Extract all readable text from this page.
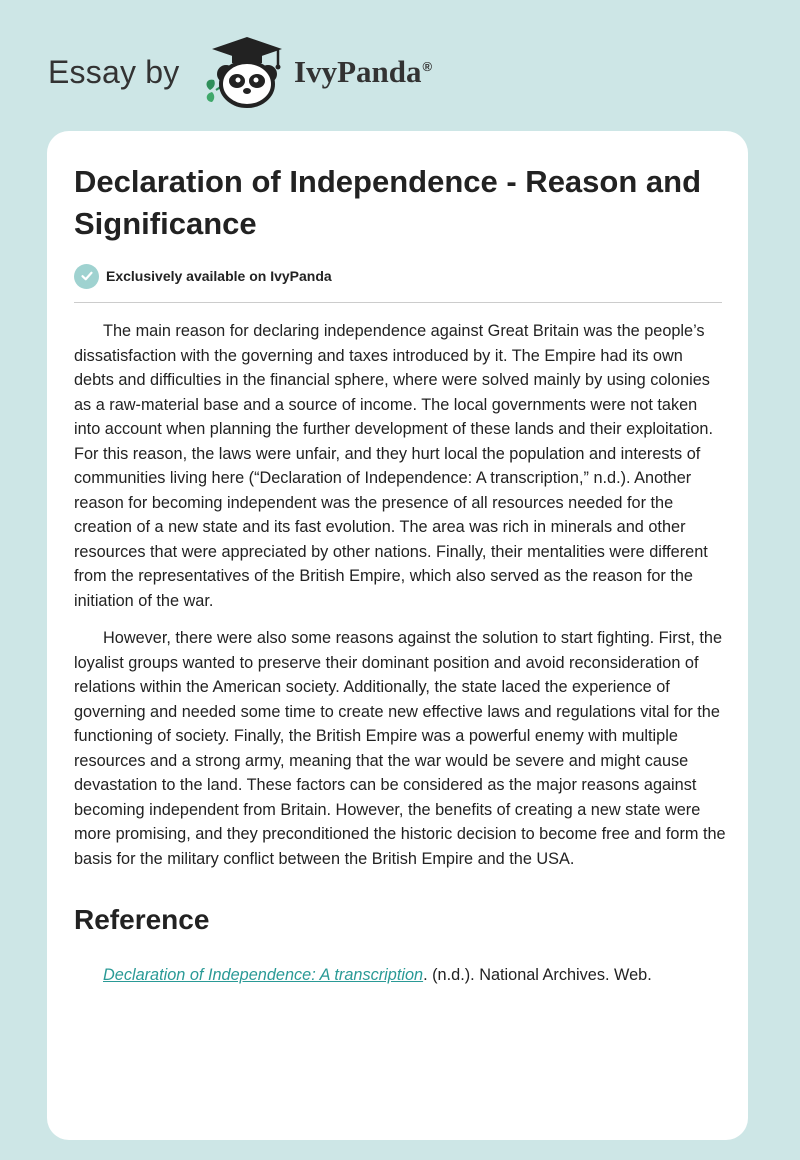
Essay by	IvyPanda®
Declaration of Independence - Reason and Significance
Exclusively available on IvyPanda

The main reason for declaring independence against Great Britain was the people’s dissatisfaction with the governing and taxes introduced by it. The Empire had its own debts and difficulties in the financial sphere, where were solved mainly by using colonies as a raw-material base and a source of income. The local governments were not taken into account when planning the further development of these lands and their exploitation. For this reason, the laws were unfair, and they hurt local the population and interests of communities living here (“Declaration of Independence: A transcription,” n.d.). Another reason for becoming independent was the presence of all resources needed for the creation of a new state and its fast evolution. The area was rich in minerals and other resources that were appreciated by other nations. Finally, their mentalities were different from the representatives of the British Empire, which also served as the reason for the initiation of the war.

However, there were also some reasons against the solution to start fighting. First, the loyalist groups wanted to preserve their dominant position and avoid reconsideration of relations within the American society. Additionally, the state laced the experience of governing and needed some time to create new effective laws and regulations vital for the functioning of society. Finally, the British Empire was a powerful enemy with multiple resources and a strong army, meaning that the war would be severe and might cause devastation to the land. These factors can be considered as the major reasons against becoming independent from Britain. However, the benefits of creating a new state were more promising, and they preconditioned the historic decision to become free and form the basis for the military conflict between the British Empire and the USA.

Reference
Declaration of Independence: A transcription. (n.d.). National Archives. Web.
